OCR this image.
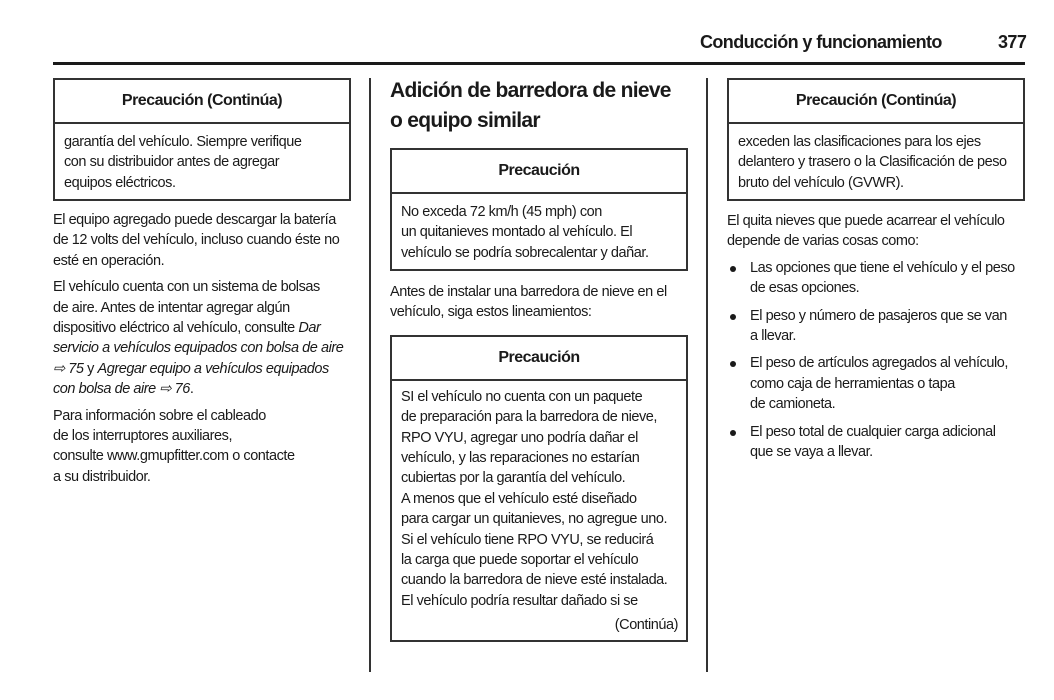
Conducción y funcionamiento	377
Precaución (Continúa)
garantía del vehículo. Siempre verifique
con su distribuidor antes de agregar
equipos eléctricos.
El equipo agregado puede descargar la batería
de 12 volts del vehículo, incluso cuando éste no
esté en operación.
El vehículo cuenta con un sistema de bolsas
de aire. Antes de intentar agregar algún
dispositivo eléctrico al vehículo, consulte Dar
servicio a vehículos equipados con bolsa de aire
⇨ 75 y Agregar equipo a vehículos equipados
con bolsa de aire ⇨ 76.
Para información sobre el cableado
de los interruptores auxiliares,
consulte www.gmupfitter.com o contacte
a su distribuidor.
Adición de barredora de nieve
o equipo similar
Precaución
No exceda 72 km/h (45 mph) con
un quitanieves montado al vehículo. El
vehículo se podría sobrecalentar y dañar.
Antes de instalar una barredora de nieve en el
vehículo, siga estos lineamientos:
Precaución
SI el vehículo no cuenta con un paquete
de preparación para la barredora de nieve,
RPO VYU, agregar uno podría dañar el
vehículo, y las reparaciones no estarían
cubiertas por la garantía del vehículo.
A menos que el vehículo esté diseñado
para cargar un quitanieves, no agregue uno.
Si el vehículo tiene RPO VYU, se reducirá
la carga que puede soportar el vehículo
cuando la barredora de nieve esté instalada.
El vehículo podría resultar dañado si se
(Continúa)
Precaución (Continúa)
exceden las clasificaciones para los ejes
delantero y trasero o la Clasificación de peso
bruto del vehículo (GVWR).
El quita nieves que puede acarrear el vehículo
depende de varias cosas como:
Las opciones que tiene el vehículo y el peso
de esas opciones.
El peso y número de pasajeros que se van
a llevar.
El peso de artículos agregados al vehículo,
como caja de herramientas o tapa
de camioneta.
El peso total de cualquier carga adicional
que se vaya a llevar.
